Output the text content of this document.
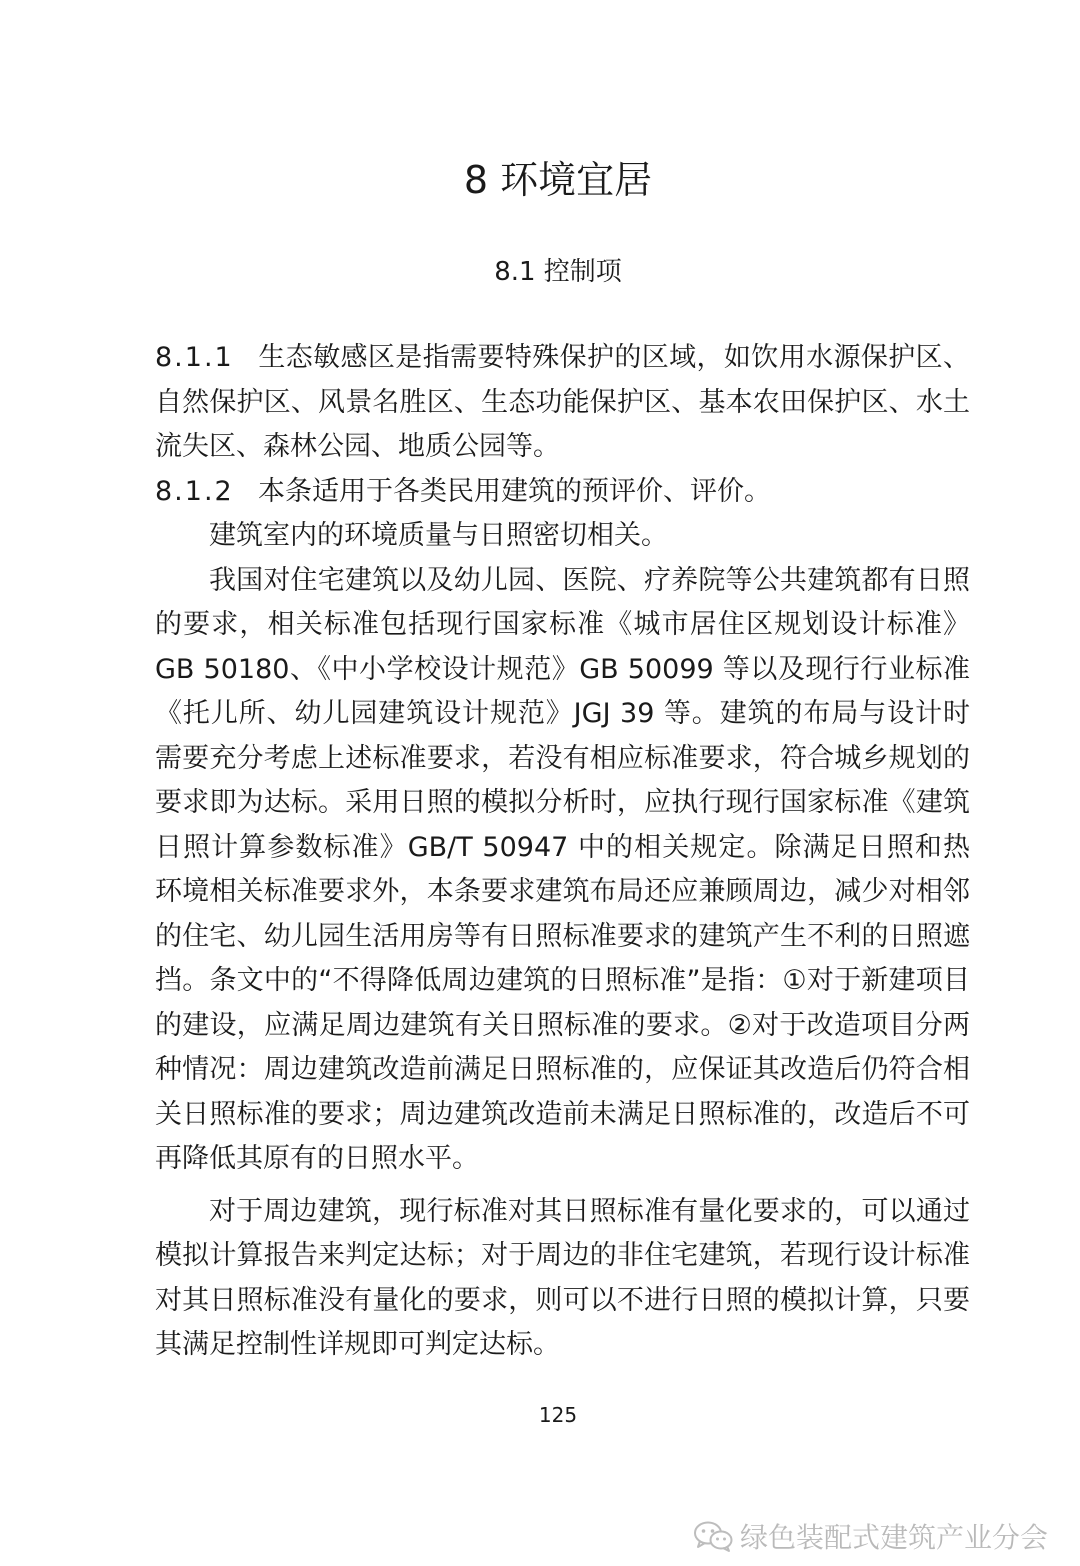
8 环境宜居
8.1 控制项

8.1.1 生态敏感区是指需要特殊保护的区域，如饮用水源保护区、自然保护区、风景名胜区、生态功能保护区、基本农田保护区、水土流失区、森林公园、地质公园等。

8.1.2 本条适用于各类民用建筑的预评价、评价。

建筑室内的环境质量与日照密切相关。

我国对住宅建筑以及幼儿园、医院、疗养院等公共建筑都有日照的要求，相关标准包括现行国家标准《城市居住区规划设计标准》GB 50180、《中小学校设计规范》GB 50099 等以及现行行业标准《托儿所、幼儿园建筑设计规范》JGJ 39 等。建筑的布局与设计时需要充分考虑上述标准要求，若没有相应标准要求，符合城乡规划的要求即为达标。采用日照的模拟分析时，应执行现行国家标准《建筑日照计算参数标准》GB/T 50947 中的相关规定。除满足日照和热环境相关标准要求外，本条要求建筑布局还应兼顾周边，减少对相邻的住宅、幼儿园生活用房等有日照标准要求的建筑产生不利的日照遮挡。条文中的“不得降低周边建筑的日照标准”是指：①对于新建项目的建设，应满足周边建筑有关日照标准的要求。②对于改造项目分两种情况：周边建筑改造前满足日照标准的，应保证其改造后仍符合相关日照标准的要求；周边建筑改造前未满足日照标准的，改造后不可再降低其原有的日照水平。

对于周边建筑，现行标准对其日照标准有量化要求的，可以通过模拟计算报告来判定达标；对于周边的非住宅建筑，若现行设计标准对其日照标准没有量化的要求，则可以不进行日照的模拟计算，只要其满足控制性详规即可判定达标。

125
绿色装配式建筑产业分会
